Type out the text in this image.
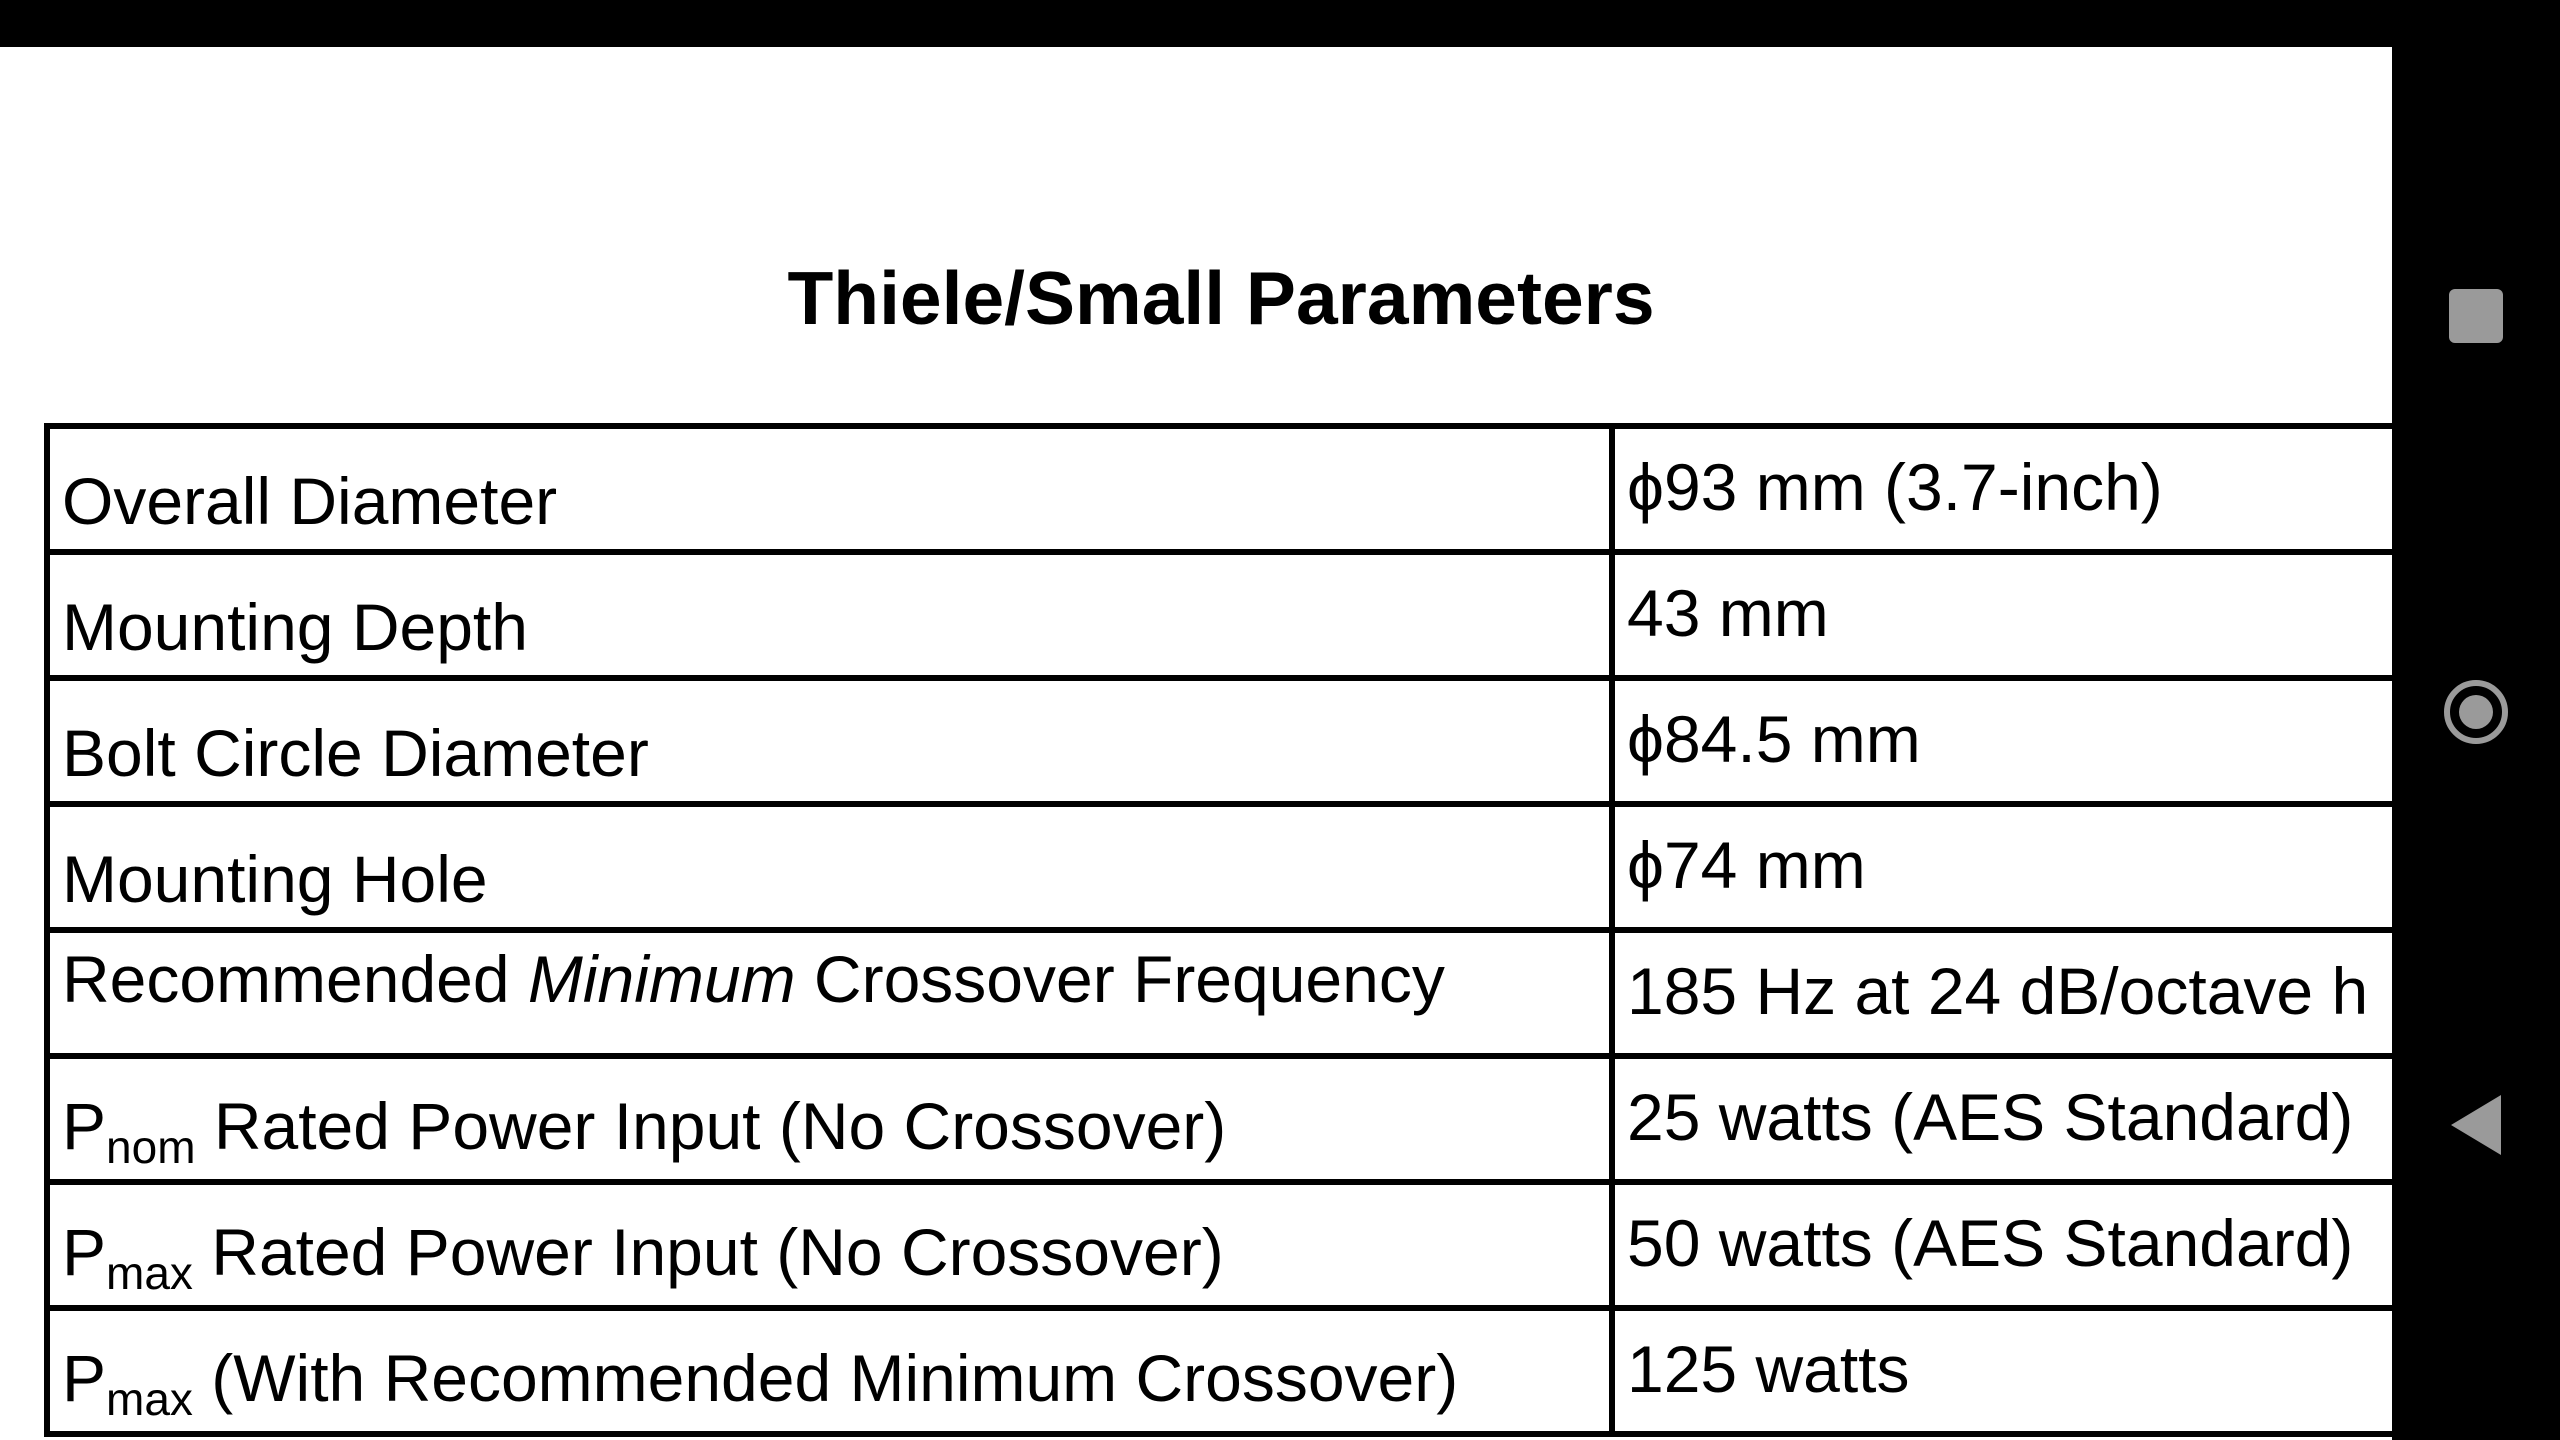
Thiele/Small Parameters
Overall Diameter	ϕ93 mm (3.7-inch)
Mounting Depth	43 mm
Bolt Circle Diameter	ϕ84.5 mm
Mounting Hole	ϕ74 mm
Recommended Minimum Crossover Frequency	185 Hz at 24 dB/octave h
$P_{nom}$ Rated Power Input (No Crossover)	25 watts (AES Standard)
$P_{max}$ Rated Power Input (No Crossover)	50 watts (AES Standard)
$P_{max}$ (With Recommended Minimum Crossover)	125 watts
